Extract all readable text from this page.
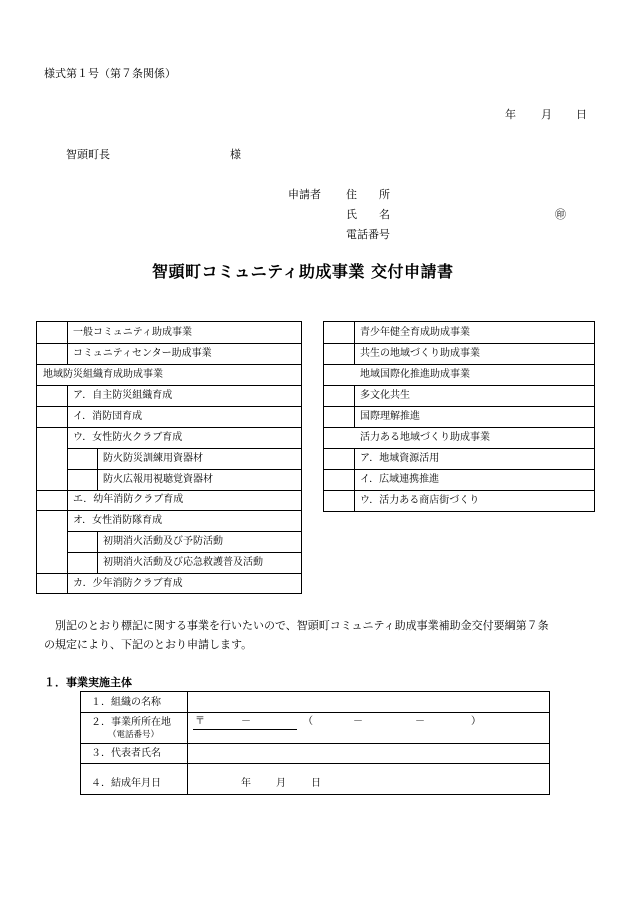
様式第１号（第７条関係）
年 月 日
智頭町長	様
申請者 住　　所
氏　　名	㊞
電話番号
智頭町コミュニティ助成事業 交付申請書
一般コミュニティ助成事業
コミュニティセンター助成事業
地域防災組織育成助成事業
ア．自主防災組織育成
イ．消防団育成
ウ．女性防火クラブ育成
防火防災訓練用資器材
防火広報用視聴覚資器材
エ．幼年消防クラブ育成
オ．女性消防隊育成
初期消火活動及び予防活動
初期消火活動及び応急救護普及活動
カ．少年消防クラブ育成
青少年健全育成助成事業
共生の地域づくり助成事業
地域国際化推進助成事業
多文化共生
国際理解推進
活力ある地域づくり助成事業
ア．地域資源活用
イ．広域連携推進
ウ．活力ある商店街づくり
別記のとおり標記に関する事業を行いたいので、智頭町コミュニティ助成事業補助金交付要綱第７条
の規定により、下記のとおり申請します。
１．事業実施主体
１．組織の名称
２．事業所所在地
（電話番号）
〒	－	（	－	－	）
３．代表者氏名
４．結成年月日	年	月	日
